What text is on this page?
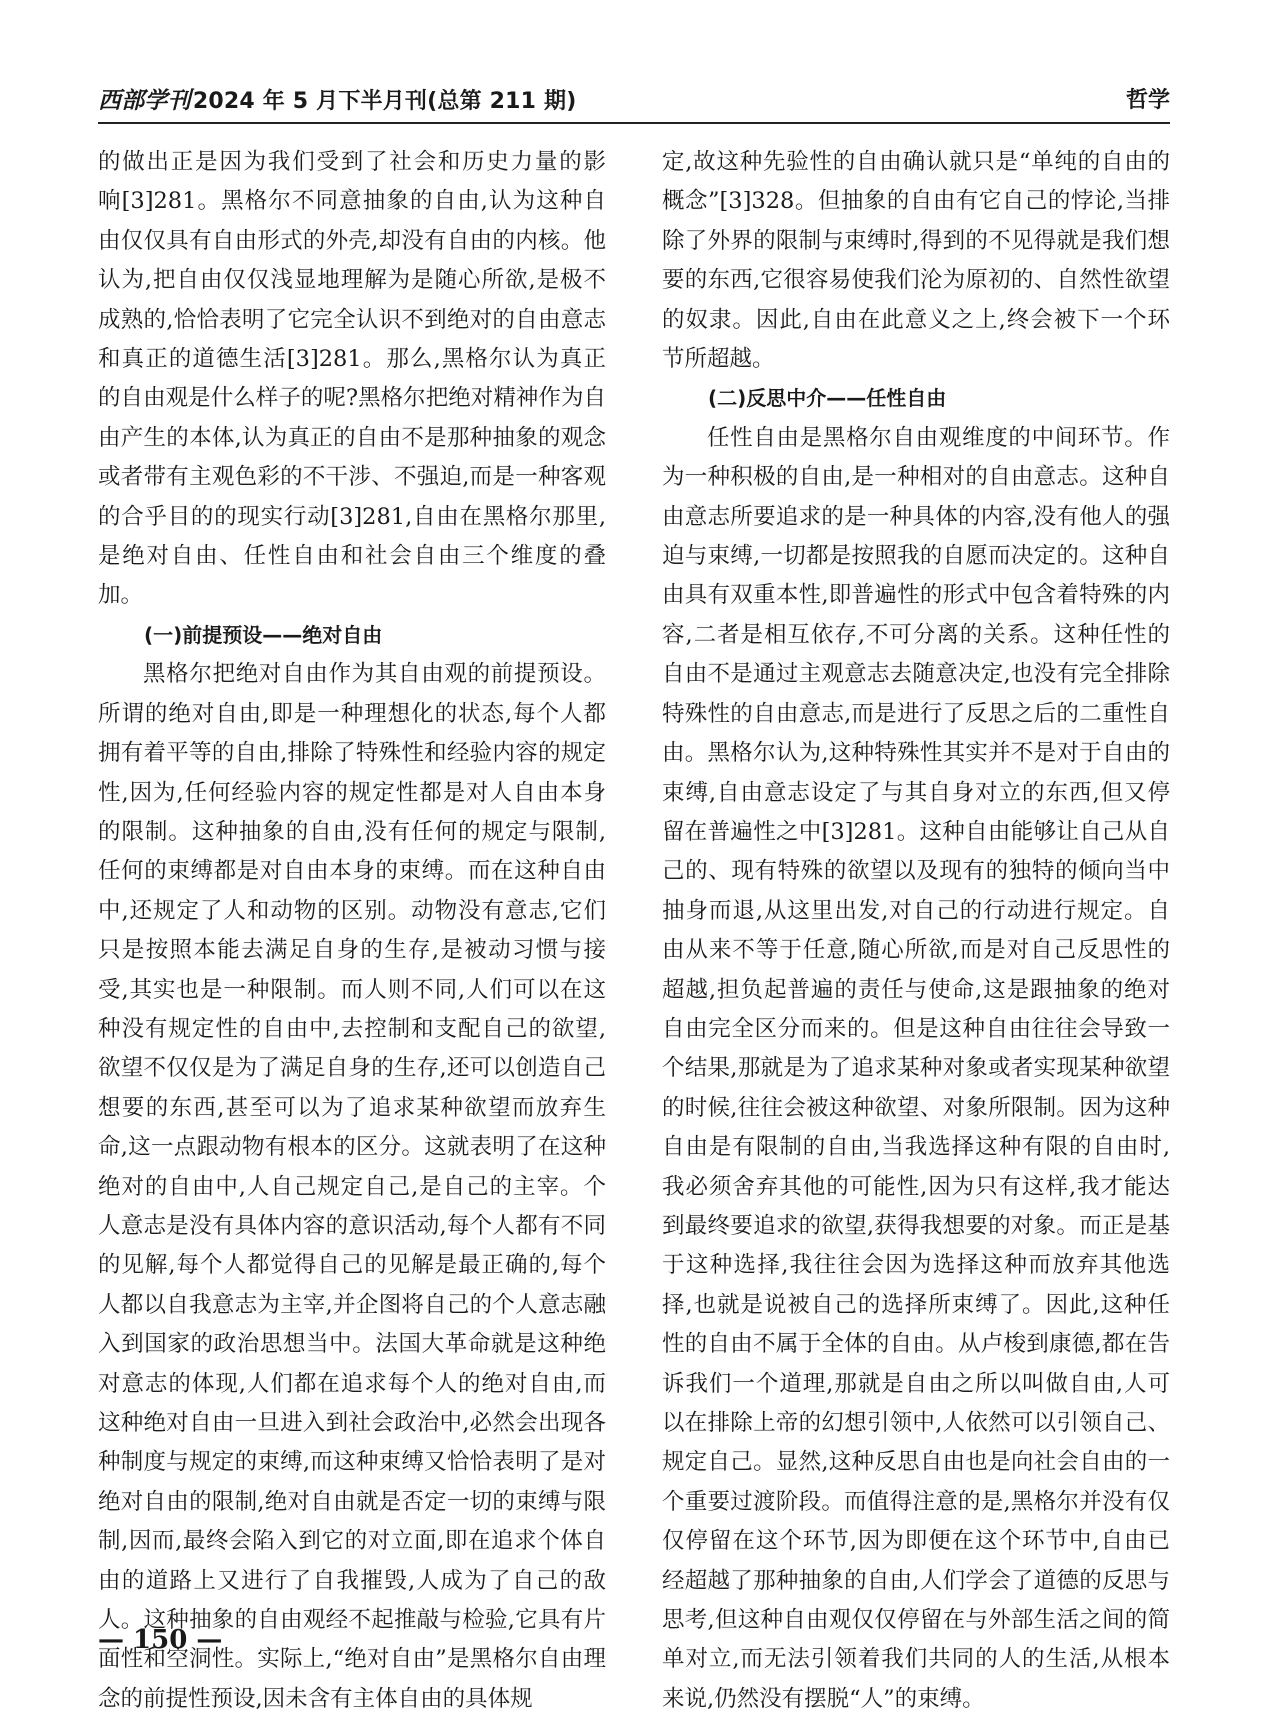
西部学刊2024 年 5 月下半月刊(总第 211 期)	哲学

的做出正是因为我们受到了社会和历史力量的影

响[3]281。黑格尔不同意抽象的自由,认为这种自由仅仅具有自由形式的外壳,却没有自由的内核。他认为,把自由仅仅浅显地理解为是随心所欲,是极不成熟的,恰恰表明了它完全认识不到绝对的自由意志和真正的道德生活[3]281。那么,黑格尔认为真正的自由观是什么样子的呢?黑格尔把绝对精神作为自由产生的本体,认为真正的自由不是那种抽象的观念或者带有主观色彩的不干涉、不强迫,而是一种客观的合乎目的的现实行动[3]281,自由在黑格尔那里,是绝对自由、任性自由和社会自由三个维度的叠加。

(一)前提预设——绝对自由

黑格尔把绝对自由作为其自由观的前提预设。所谓的绝对自由,即是一种理想化的状态,每个人都拥有着平等的自由,排除了特殊性和经验内容的规定性,因为,任何经验内容的规定性都是对人自由本身的限制。这种抽象的自由,没有任何的规定与限制,任何的束缚都是对自由本身的束缚。而在这种自由中,还规定了人和动物的区别。动物没有意志,它们只是按照本能去满足自身的生存,是被动习惯与接受,其实也是一种限制。而人则不同,人们可以在这种没有规定性的自由中,去控制和支配自己的欲望,欲望不仅仅是为了满足自身的生存,还可以创造自己想要的东西,甚至可以为了追求某种欲望而放弃生命,这一点跟动物有根本的区分。这就表明了在这种绝对的自由中,人自己规定自己,是自己的主宰。个人意志是没有具体内容的意识活动,每个人都有不同的见解,每个人都觉得自己的见解是最正确的,每个人都以自我意志为主宰,并企图将自己的个人意志融入到国家的政治思想当中。法国大革命就是这种绝对意志的体现,人们都在追求每个人的绝对自由,而这种绝对自由一旦进入到社会政治中,必然会出现各种制度与规定的束缚,而这种束缚又恰恰表明了是对绝对自由的限制,绝对自由就是否定一切的束缚与限制,因而,最终会陷入到它的对立面,即在追求个体自由的道路上又进行了自我摧毁,人成为了自己的敌人。这种抽象的自由观经不起推敲与检验,它具有片面性和空洞性。实际上,“绝对自由”是黑格尔自由理念的前提性预设,因未含有主体自由的具体规

定,故这种先验性的自由确认就只是“单纯的自由的概念”[3]328。但抽象的自由有它自己的悖论,当排除了外界的限制与束缚时,得到的不见得就是我们想要的东西,它很容易使我们沦为原初的、自然性欲望的奴隶。因此,自由在此意义之上,终会被下一个环节所超越。

(二)反思中介——任性自由

任性自由是黑格尔自由观维度的中间环节。作为一种积极的自由,是一种相对的自由意志。这种自由意志所要追求的是一种具体的内容,没有他人的强迫与束缚,一切都是按照我的自愿而决定的。这种自由具有双重本性,即普遍性的形式中包含着特殊的内容,二者是相互依存,不可分离的关系。这种任性的自由不是通过主观意志去随意决定,也没有完全排除特殊性的自由意志,而是进行了反思之后的二重性自由。黑格尔认为,这种特殊性其实并不是对于自由的束缚,自由意志设定了与其自身对立的东西,但又停留在普遍性之中[3]281。这种自由能够让自己从自己的、现有特殊的欲望以及现有的独特的倾向当中抽身而退,从这里出发,对自己的行动进行规定。自由从来不等于任意,随心所欲,而是对自己反思性的超越,担负起普遍的责任与使命,这是跟抽象的绝对自由完全区分而来的。但是这种自由往往会导致一个结果,那就是为了追求某种对象或者实现某种欲望的时候,往往会被这种欲望、对象所限制。因为这种自由是有限制的自由,当我选择这种有限的自由时,我必须舍弃其他的可能性,因为只有这样,我才能达到最终要追求的欲望,获得我想要的对象。而正是基于这种选择,我往往会因为选择这种而放弃其他选择,也就是说被自己的选择所束缚了。因此,这种任性的自由不属于全体的自由。从卢梭到康德,都在告诉我们一个道理,那就是自由之所以叫做自由,人可以在排除上帝的幻想引领中,人依然可以引领自己、规定自己。显然,这种反思自由也是向社会自由的一个重要过渡阶段。而值得注意的是,黑格尔并没有仅仅停留在这个环节,因为即便在这个环节中,自由已经超越了那种抽象的自由,人们学会了道德的反思与思考,但这种自由观仅仅停留在与外部生活之间的简单对立,而无法引领着我们共同的人的生活,从根本来说,仍然没有摆脱“人”的束缚。

— 150 —
